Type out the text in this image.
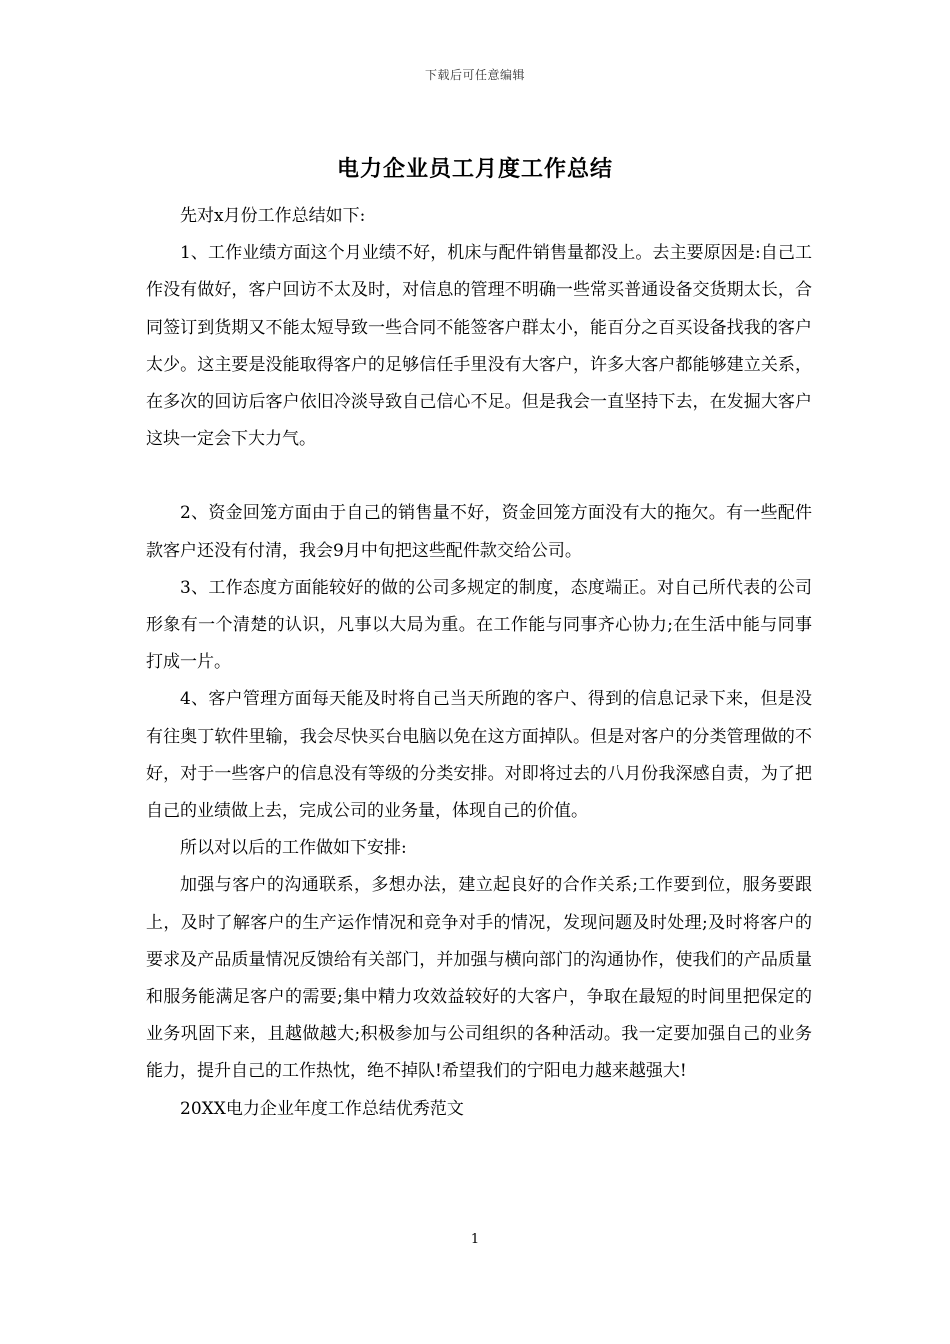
下载后可任意编辑
电力企业员工月度工作总结

先对x月份工作总结如下:

1、工作业绩方面这个月业绩不好，机床与配件销售量都没上。去主要原因是:自己工作没有做好，客户回访不太及时，对信息的管理不明确一些常买普通设备交货期太长，合同签订到货期又不能太短导致一些合同不能签客户群太小，能百分之百买设备找我的客户太少。这主要是没能取得客户的足够信任手里没有大客户，许多大客户都能够建立关系，在多次的回访后客户依旧冷淡导致自己信心不足。但是我会一直坚持下去，在发掘大客户这块一定会下大力气。

2、资金回笼方面由于自己的销售量不好，资金回笼方面没有大的拖欠。有一些配件款客户还没有付清，我会9月中旬把这些配件款交给公司。

3、工作态度方面能较好的做的公司多规定的制度，态度端正。对自己所代表的公司形象有一个清楚的认识，凡事以大局为重。在工作能与同事齐心协力;在生活中能与同事打成一片。

4、客户管理方面每天能及时将自己当天所跑的客户、得到的信息记录下来，但是没有往奥丁软件里输，我会尽快买台电脑以免在这方面掉队。但是对客户的分类管理做的不好，对于一些客户的信息没有等级的分类安排。对即将过去的八月份我深感自责，为了把自己的业绩做上去，完成公司的业务量，体现自己的价值。

所以对以后的工作做如下安排:

加强与客户的沟通联系，多想办法，建立起良好的合作关系;工作要到位，服务要跟上，及时了解客户的生产运作情况和竞争对手的情况，发现问题及时处理;及时将客户的要求及产品质量情况反馈给有关部门，并加强与横向部门的沟通协作，使我们的产品质量和服务能满足客户的需要;集中精力攻效益较好的大客户，争取在最短的时间里把保定的业务巩固下来，且越做越大;积极参加与公司组织的各种活动。我一定要加强自己的业务能力，提升自己的工作热忱，绝不掉队!希望我们的宁阳电力越来越强大!

20XX电力企业年度工作总结优秀范文

1
